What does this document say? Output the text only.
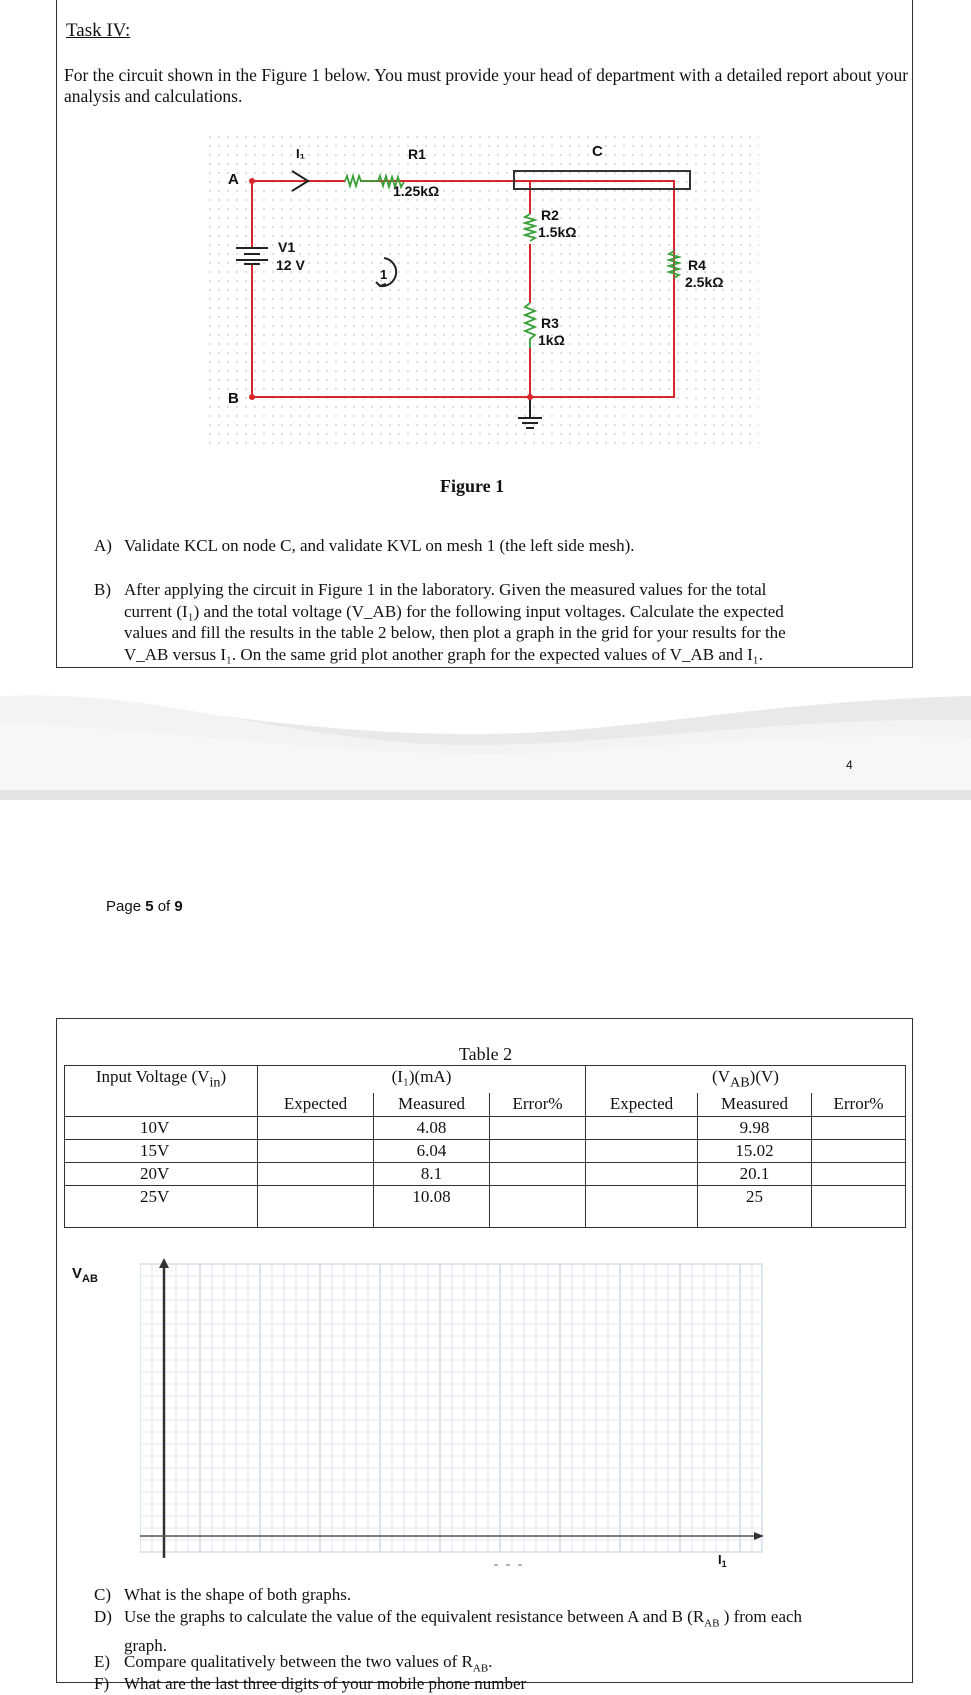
Task IV:
For the circuit shown in the Figure 1 below. You must provide your head of department with a detailed report about your analysis and calculations.
A
B
C
I₁
1
R1
1.25kΩ
R2
1.5kΩ
R3
1kΩ
R4
2.5kΩ
V1
12 V
Figure 1
A) Validate KCL on node C, and validate KVL on mesh 1 (the left side mesh).
B) After applying the circuit in Figure 1 in the laboratory. Given the measured values for the total
current (I₁) and the total voltage (V_AB) for the following input voltages. Calculate the expected
values and fill the results in the table 2 below, then plot a graph in the grid for your results for the
V_AB versus I₁. On the same grid plot another graph for the expected values of V_AB and I₁.
4
Page 5 of 9
Table 2
Input Voltage $(V_{in})$	(I₁)(mA)			$(V_{AB})(V)$		
	Expected	Measured	Error%	Expected	Measured	Error%
10V		4.08			9.98	
15V		6.04			15.02	
20V		8.1			20.1	
25V		10.08			25	
$V_{AB}$
$I_1$
C) What is the shape of both graphs.
D) Use the graphs to calculate the value of the equivalent resistance between A and B ($R_{AB}$ ) from each
graph.
E) Compare qualitatively between the two values of $R_{AB}$.
F) What are the last three digits of your mobile phone number
